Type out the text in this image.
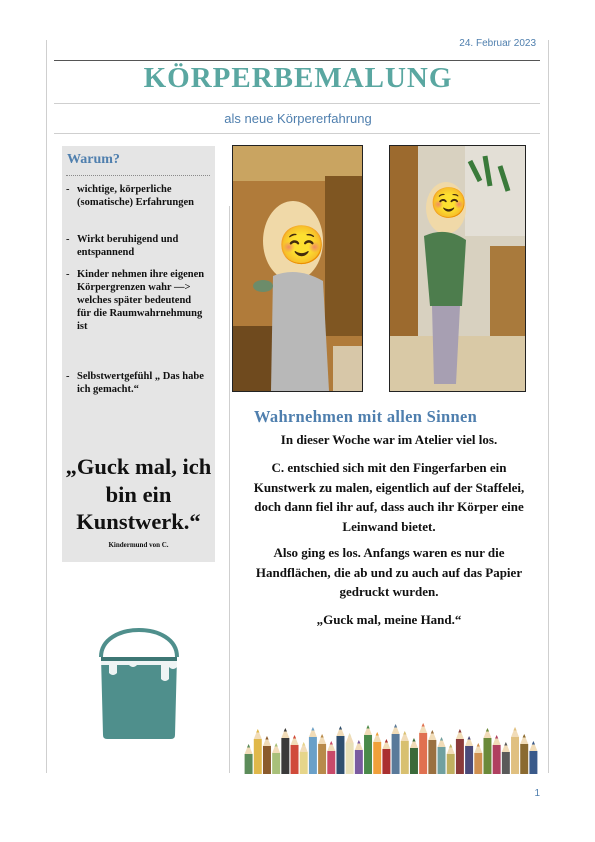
24. Februar 2023
KÖRPERBEMALUNG
als neue Körpererfahrung
Warum?
- wichtige, körperliche (somatische) Erfahrungen
- Wirkt beruhigend und entspannend
- Kinder nehmen ihre eigenen Körpergrenzen wahr —> welches später bedeutend für die Raumwahrnehmung ist
- Selbstwertgefühl „ Das habe ich gemacht.“
„Guck mal, ich bin ein Kunstwerk.“
Kindermund von C.
☺️
☺️
Wahrnehmen mit allen Sinnen
In dieser Woche war im Atelier viel los.
C. entschied sich mit den Fingerfarben ein Kunstwerk zu malen, eigentlich auf der Staffelei, doch dann fiel ihr auf, dass auch ihr Körper eine Leinwand bietet.
Also ging es los. Anfangs waren es nur die Handflächen, die ab und zu auch auf das Papier gedruckt wurden.
„Guck mal, meine Hand.“
1
